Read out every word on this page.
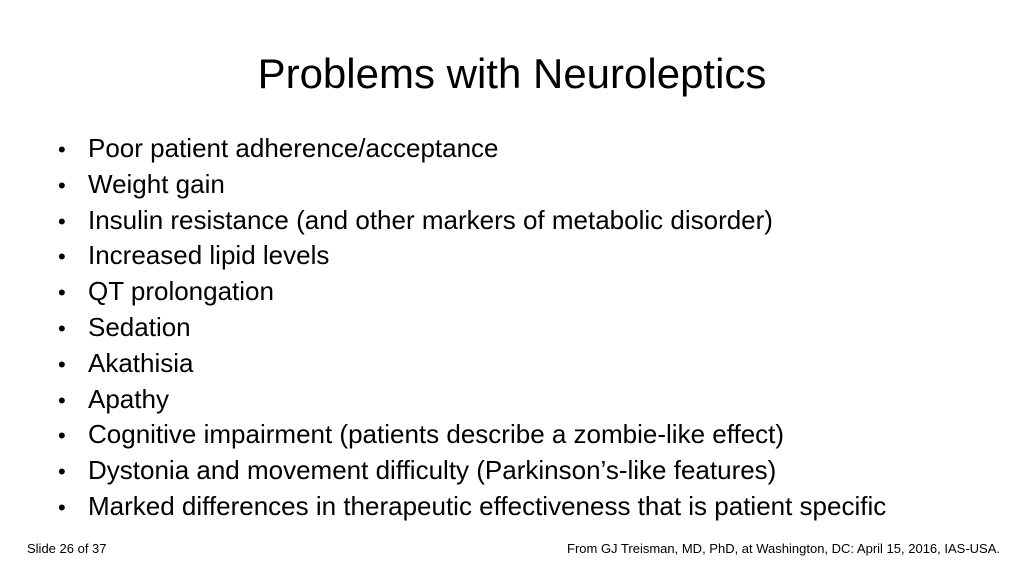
Problems with Neuroleptics
• Poor patient adherence/acceptance
• Weight gain
• Insulin resistance (and other markers of metabolic disorder)
• Increased lipid levels
• QT prolongation
• Sedation
• Akathisia
• Apathy
• Cognitive impairment (patients describe a zombie-like effect)
• Dystonia and movement difficulty (Parkinson’s-like features)
• Marked differences in therapeutic effectiveness that is patient specific
Slide 26 of 37	From GJ Treisman, MD, PhD, at Washington, DC: April 15, 2016, IAS-USA.
